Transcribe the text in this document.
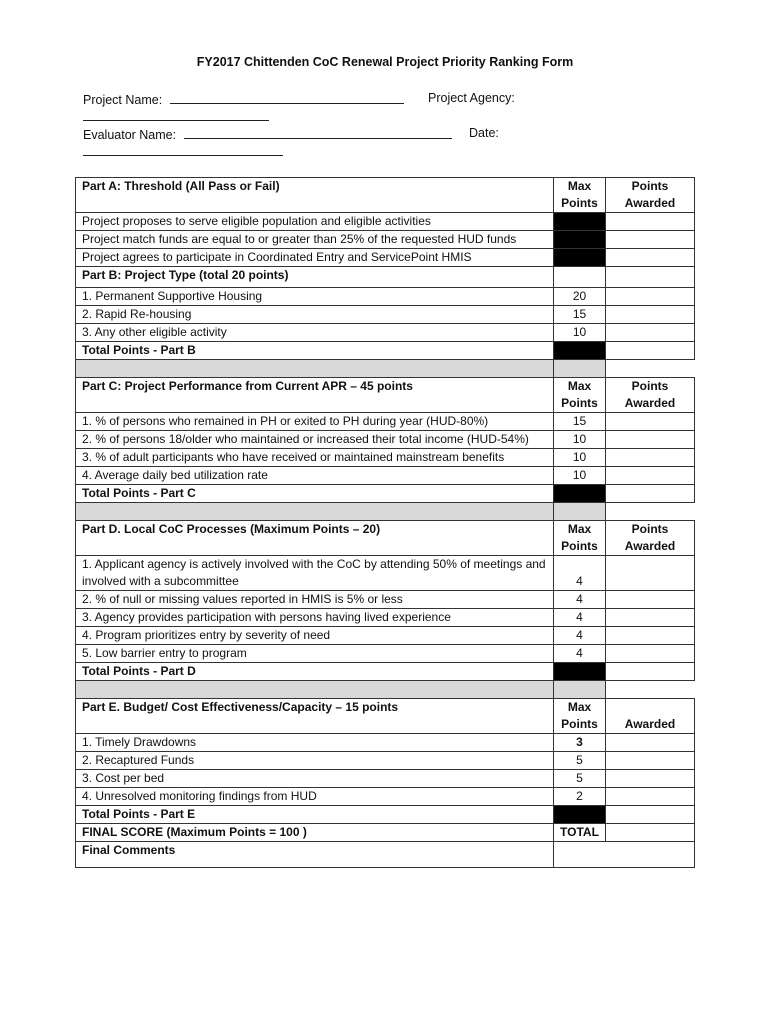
FY2017 Chittenden CoC Renewal Project Priority Ranking Form
Project Name:	Project Agency:
Evaluator Name:	Date:
Part A: Threshold (All Pass or Fail)	Max Points	Points Awarded
Project proposes to serve eligible population and eligible activities		
Project match funds are equal to or greater than 25% of the requested HUD funds		
Project agrees to participate in Coordinated Entry and ServicePoint HMIS		
Part B: Project Type (total 20 points)		
1. Permanent Supportive Housing	20	
2. Rapid Re-housing	15	
3. Any other eligible activity	10	
Total Points - Part B		

Part C: Project Performance from Current APR – 45 points	Max Points	Points Awarded
1. % of persons who remained in PH or exited to PH during year (HUD-80%)	15	
2. % of persons 18/older who maintained or increased their total income (HUD-54%)	10	
3. % of adult participants who have received or maintained mainstream benefits	10	
4. Average daily bed utilization rate	10	
Total Points - Part C		

Part D. Local CoC Processes (Maximum Points – 20)	Max Points	Points Awarded
1. Applicant agency is actively involved with the CoC by attending 50% of meetings and involved with a subcommittee	4	
2. % of null or missing values reported in HMIS is 5% or less	4	
3. Agency provides participation with persons having lived experience	4	
4. Program prioritizes entry by severity of need	4	
5. Low barrier entry to program	4	
Total Points - Part D		

Part E. Budget/ Cost Effectiveness/Capacity – 15 points	Max Points	Awarded
1. Timely Drawdowns	3	
2. Recaptured Funds	5	
3. Cost per bed	5	
4. Unresolved monitoring findings from HUD	2	
Total Points - Part E		
FINAL SCORE (Maximum Points = 100 )	TOTAL	
Final Comments		
